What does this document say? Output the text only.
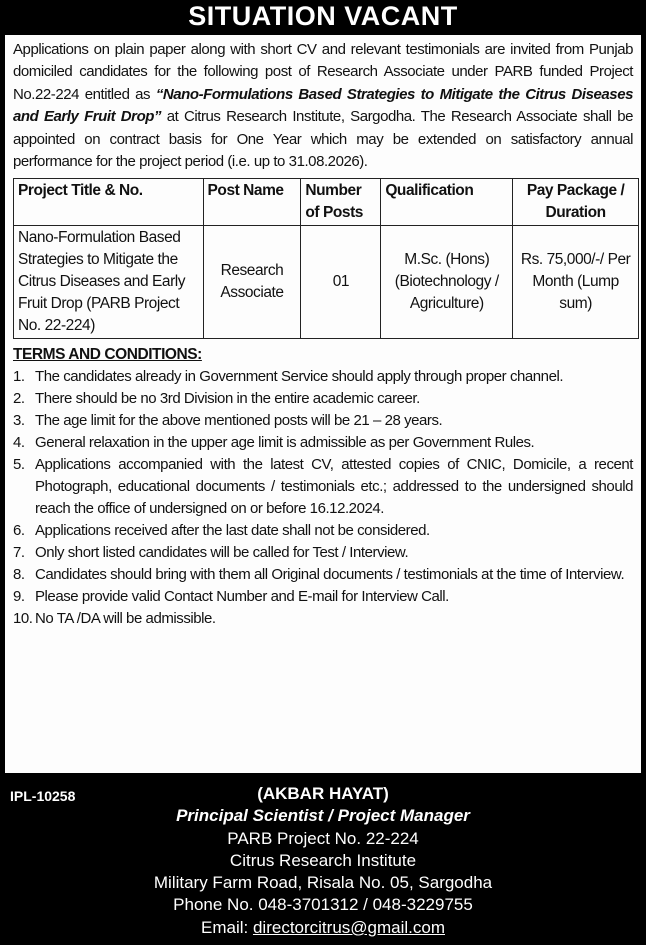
SITUATION VACANT

Applications on plain paper along with short CV and relevant testimonials are invited from Punjab domiciled candidates for the following post of Research Associate under PARB funded Project No.22-224 entitled as “Nano-Formulations Based Strategies to Mitigate the Citrus Diseases and Early Fruit Drop” at Citrus Research Institute, Sargodha. The Research Associate shall be appointed on contract basis for One Year which may be extended on satisfactory annual performance for the project period (i.e. up to 31.08.2026).

Project Title & No.	Post Name	Number of Posts	Qualification	Pay Package / Duration
Nano-Formulation Based Strategies to Mitigate the Citrus Diseases and Early Fruit Drop (PARB Project No. 22-224)	Research Associate	01	M.Sc. (Hons) (Biotechnology / Agriculture)	Rs. 75,000/-/ Per Month (Lump sum)
TERMS AND CONDITIONS:
1. The candidates already in Government Service should apply through proper channel.
2. There should be no 3rd Division in the entire academic career.
3. The age limit for the above mentioned posts will be 21 – 28 years.
4. General relaxation in the upper age limit is admissible as per Government Rules.
5. Applications accompanied with the latest CV, attested copies of CNIC, Domicile, a recent Photograph, educational documents / testimonials etc.; addressed to the undersigned should reach the office of undersigned on or before 16.12.2024.
6. Applications received after the last date shall not be considered.
7. Only short listed candidates will be called for Test / Interview.
8. Candidates should bring with them all Original documents / testimonials at the time of Interview.
9. Please provide valid Contact Number and E-mail for Interview Call.
10. No TA /DA will be admissible.
IPL-10258	(AKBAR HAYAT)
Principal Scientist / Project Manager
PARB Project No. 22-224
Citrus Research Institute
Military Farm Road, Risala No. 05, Sargodha
Phone No. 048-3701312 / 048-3229755
Email: directorcitrus@gmail.com
